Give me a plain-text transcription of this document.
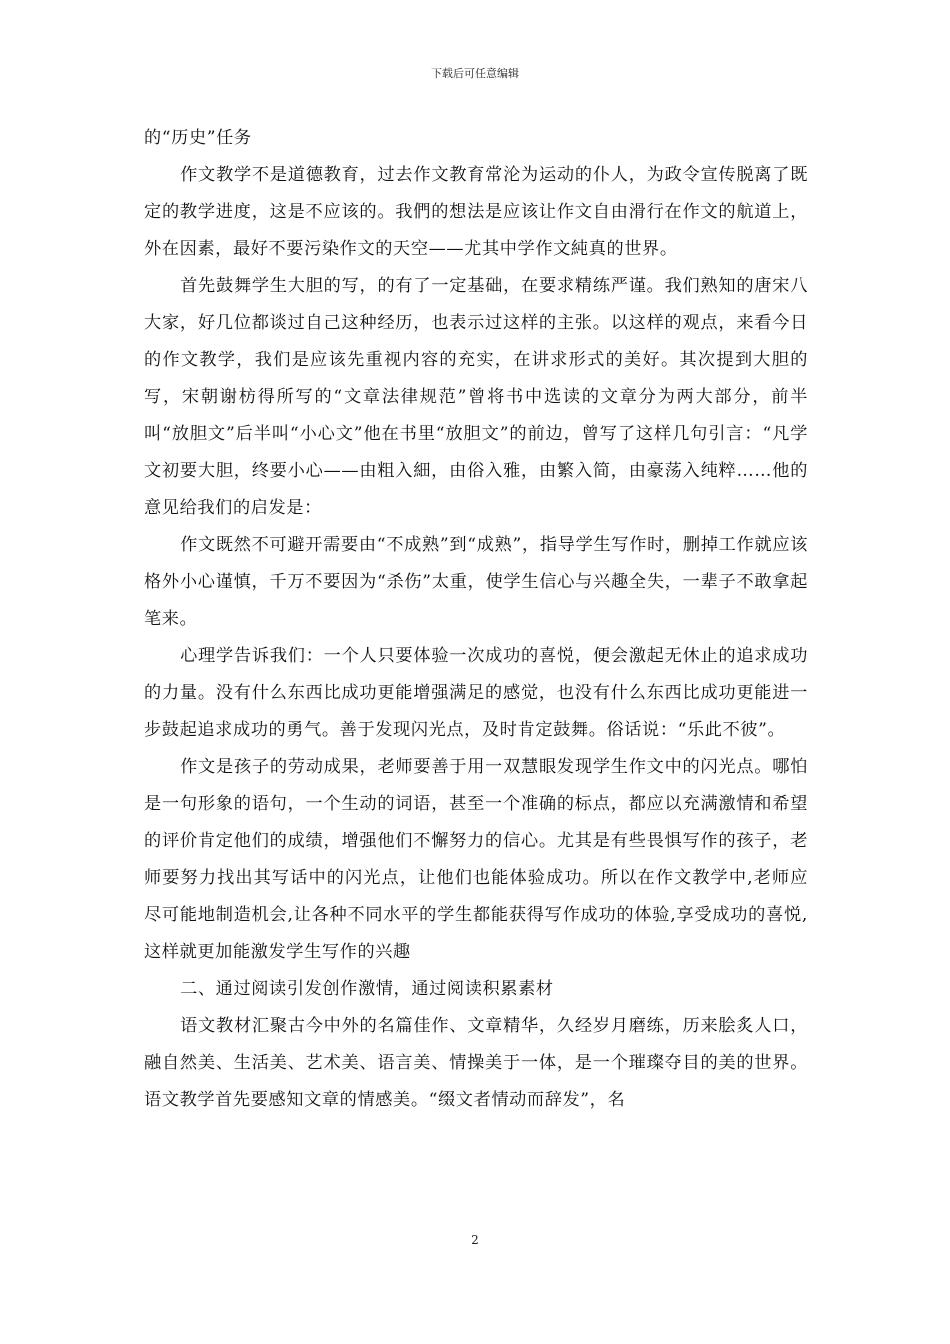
下载后可任意编辑

的“历史”任务

作文教学不是道德教育，过去作文教育常沦为运动的仆人，为政令宣传脱离了既定的教学进度，这是不应该的。我們的想法是应该让作文自由滑行在作文的航道上，外在因素，最好不要污染作文的天空——尤其中学作文純真的世界。

首先鼓舞学生大胆的写，的有了一定基础，在要求精练严谨。我们熟知的唐宋八大家，好几位都谈过自己这种经历，也表示过这样的主张。以这样的观点，来看今日的作文教学，我们是应该先重视内容的充实，在讲求形式的美好。其次提到大胆的写，宋朝谢枋得所写的“文章法律规范”曾将书中选读的文章分为两大部分，前半叫“放胆文”后半叫“小心文”他在书里“放胆文”的前边，曾写了这样几句引言：“凡学文初要大胆，终要小心——由粗入細，由俗入雅，由繁入简，由豪荡入纯粹……他的意见给我们的启发是：

作文既然不可避开需要由“不成熟”到“成熟”，指导学生写作时，删掉工作就应该格外小心谨慎，千万不要因为“杀伤”太重，使学生信心与兴趣全失，一辈子不敢拿起笔来。

心理学告诉我们：一个人只要体验一次成功的喜悦，便会激起无休止的追求成功的力量。没有什么东西比成功更能增强满足的感觉，也没有什么东西比成功更能进一步鼓起追求成功的勇气。善于发现闪光点，及时肯定鼓舞。俗话说：“乐此不彼”。

作文是孩子的劳动成果，老师要善于用一双慧眼发现学生作文中的闪光点。哪怕是一句形象的语句，一个生动的词语，甚至一个准确的标点，都应以充满激情和希望的评价肯定他们的成绩，增强他们不懈努力的信心。尤其是有些畏惧写作的孩子，老师要努力找出其写话中的闪光点，让他们也能体验成功。所以在作文教学中,老师应尽可能地制造机会,让各种不同水平的学生都能获得写作成功的体验,享受成功的喜悦,这样就更加能激发学生写作的兴趣

二、通过阅读引发创作激情，通过阅读积累素材

语文教材汇聚古今中外的名篇佳作、文章精华，久经岁月磨练，历来脍炙人口，融自然美、生活美、艺术美、语言美、情操美于一体，是一个璀璨夺目的美的世界。语文教学首先要感知文章的情感美。“缀文者情动而辞发”，名

2
